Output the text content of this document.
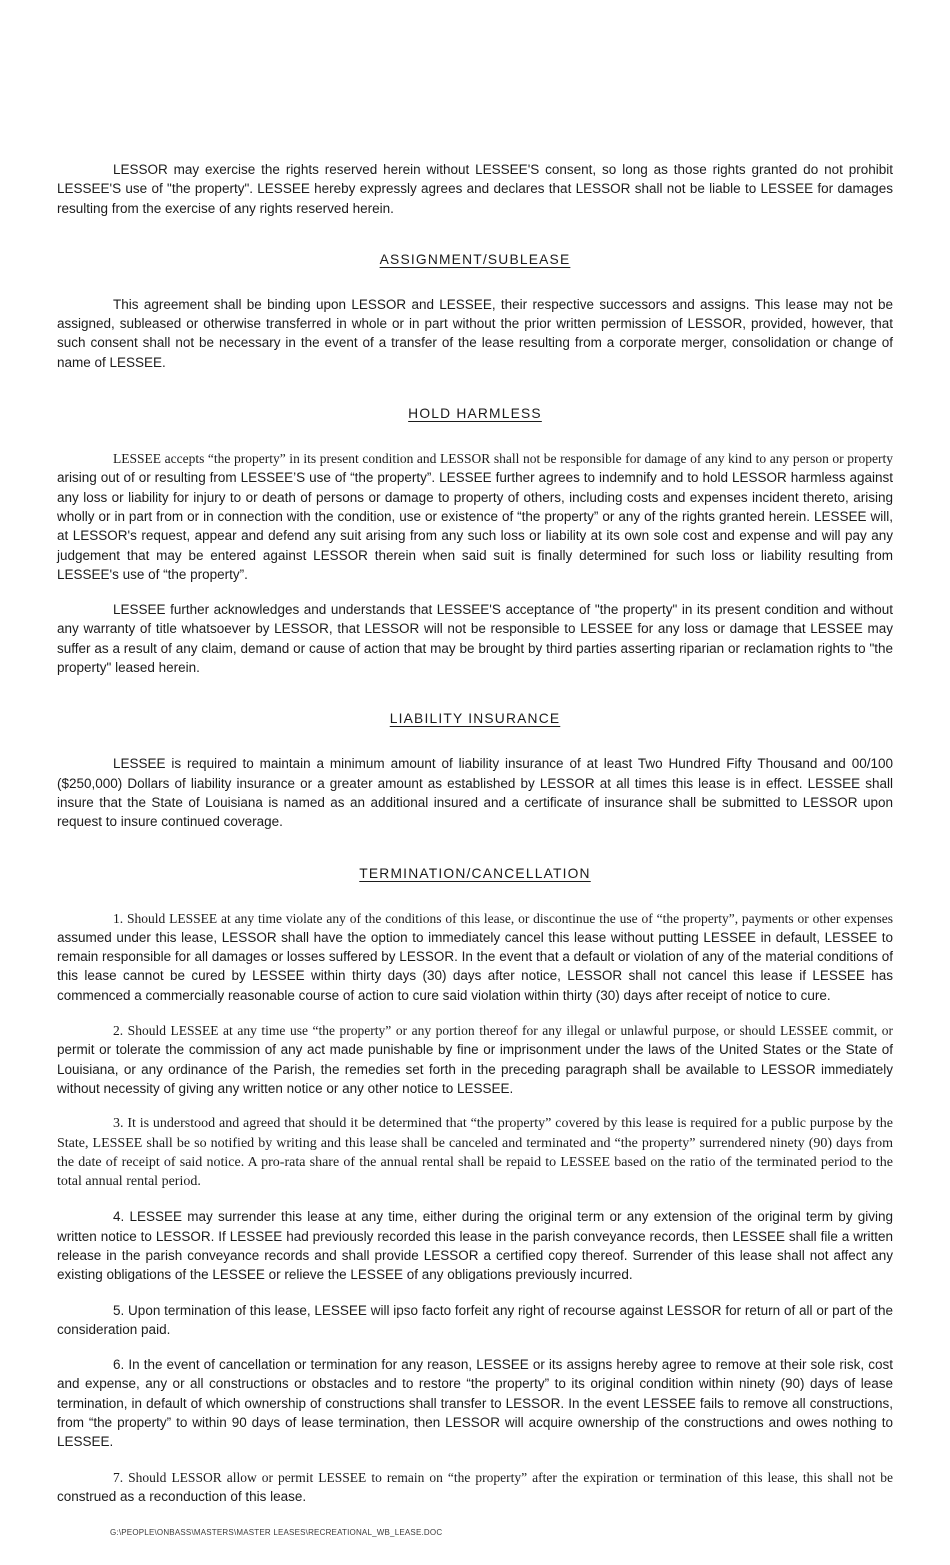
LESSOR may exercise the rights reserved herein without LESSEE'S consent, so long as those rights granted do not prohibit LESSEE'S use of "the property". LESSEE hereby expressly agrees and declares that LESSOR shall not be liable to LESSEE for damages resulting from the exercise of any rights reserved herein.

ASSIGNMENT/SUBLEASE

This agreement shall be binding upon LESSOR and LESSEE, their respective successors and assigns. This lease may not be assigned, subleased or otherwise transferred in whole or in part without the prior written permission of LESSOR, provided, however, that such consent shall not be necessary in the event of a transfer of the lease resulting from a corporate merger, consolidation or change of name of LESSEE.

HOLD HARMLESS

LESSEE accepts “the property” in its present condition and LESSOR shall not be responsible for damage of any kind to any person or property arising out of or resulting from LESSEE’S use of “the property”. LESSEE further agrees to indemnify and to hold LESSOR harmless against any loss or liability for injury to or death of persons or damage to property of others, including costs and expenses incident thereto, arising wholly or in part from or in connection with the condition, use or existence of “the property” or any of the rights granted herein. LESSEE will, at LESSOR's request, appear and defend any suit arising from any such loss or liability at its own sole cost and expense and will pay any judgement that may be entered against LESSOR therein when said suit is finally determined for such loss or liability resulting from LESSEE's use of “the property”.

LESSEE further acknowledges and understands that LESSEE'S acceptance of "the property" in its present condition and without any warranty of title whatsoever by LESSOR, that LESSOR will not be responsible to LESSEE for any loss or damage that LESSEE may suffer as a result of any claim, demand or cause of action that may be brought by third parties asserting riparian or reclamation rights to "the property" leased herein.

LIABILITY INSURANCE

LESSEE is required to maintain a minimum amount of liability insurance of at least Two Hundred Fifty Thousand and 00/100 ($250,000) Dollars of liability insurance or a greater amount as established by LESSOR at all times this lease is in effect. LESSEE shall insure that the State of Louisiana is named as an additional insured and a certificate of insurance shall be submitted to LESSOR upon request to insure continued coverage.

TERMINATION/CANCELLATION

1. Should LESSEE at any time violate any of the conditions of this lease, or discontinue the use of “the property”, payments or other expenses assumed under this lease, LESSOR shall have the option to immediately cancel this lease without putting LESSEE in default, LESSEE to remain responsible for all damages or losses suffered by LESSOR. In the event that a default or violation of any of the material conditions of this lease cannot be cured by LESSEE within thirty days (30) days after notice, LESSOR shall not cancel this lease if LESSEE has commenced a commercially reasonable course of action to cure said violation within thirty (30) days after receipt of notice to cure.

2. Should LESSEE at any time use “the property” or any portion thereof for any illegal or unlawful purpose, or should LESSEE commit, or permit or tolerate the commission of any act made punishable by fine or imprisonment under the laws of the United States or the State of Louisiana, or any ordinance of the Parish, the remedies set forth in the preceding paragraph shall be available to LESSOR immediately without necessity of giving any written notice or any other notice to LESSEE.

3. It is understood and agreed that should it be determined that “the property” covered by this lease is required for a public purpose by the State, LESSEE shall be so notified by writing and this lease shall be canceled and terminated and “the property” surrendered ninety (90) days from the date of receipt of said notice. A pro-rata share of the annual rental shall be repaid to LESSEE based on the ratio of the terminated period to the total annual rental period.

4. LESSEE may surrender this lease at any time, either during the original term or any extension of the original term by giving written notice to LESSOR. If LESSEE had previously recorded this lease in the parish conveyance records, then LESSEE shall file a written release in the parish conveyance records and shall provide LESSOR a certified copy thereof. Surrender of this lease shall not affect any existing obligations of the LESSEE or relieve the LESSEE of any obligations previously incurred.

5. Upon termination of this lease, LESSEE will ipso facto forfeit any right of recourse against LESSOR for return of all or part of the consideration paid.

6. In the event of cancellation or termination for any reason, LESSEE or its assigns hereby agree to remove at their sole risk, cost and expense, any or all constructions or obstacles and to restore “the property” to its original condition within ninety (90) days of lease termination, in default of which ownership of constructions shall transfer to LESSOR. In the event LESSEE fails to remove all constructions, from “the property” to within 90 days of lease termination, then LESSOR will acquire ownership of the constructions and owes nothing to LESSEE.

7. Should LESSOR allow or permit LESSEE to remain on “the property” after the expiration or termination of this lease, this shall not be construed as a reconduction of this lease.

G:\PEOPLE\ONBASS\MASTERS\MASTER LEASES\RECREATIONAL_WB_LEASE.DOC
